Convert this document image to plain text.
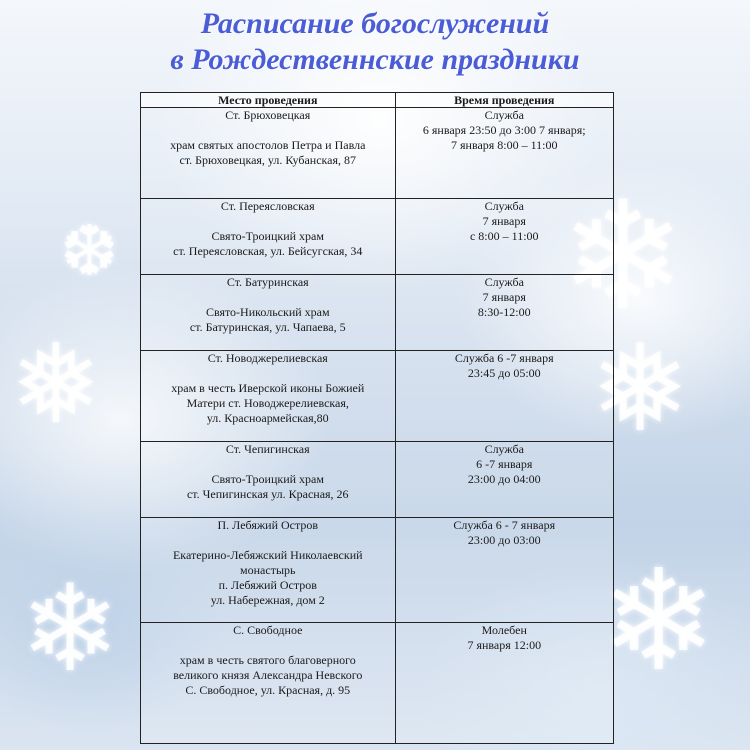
❄
❅
❄
❅
❄
❆
Расписание богослужений
в Рождественнские праздники
Место проведения	Время проведения

Ст. Брюховецкая
храм святых апостолов Петра и Павла
ст. Брюховецкая, ул. Кубанская, 87	Служба
6 января 23:50 до 3:00 7 января;
7 января 8:00 – 11:00

Ст. Переясловская
Свято-Троицкий храм
ст. Переясловская, ул. Бейсугская, 34	Служба
7 января
с 8:00 – 11:00

Ст. Батуринская
Свято-Никольский храм
ст. Батуринская, ул. Чапаева, 5	Служба
7 января
8:30-12:00

Ст. Новоджерелиевская
храм в честь Иверской иконы Божией
Матери ст. Новоджерелиевская,
ул. Красноармейская,80	Служба 6 -7 января
23:45 до 05:00

Ст. Чепигинская
Свято-Троицкий храм
ст. Чепигинская ул. Красная, 26	Служба
6 -7 января
23:00 до 04:00

П. Лебяжий Остров
Екатерино-Лебяжский Николаевский
монастырь
п. Лебяжий Остров
ул. Набережная, дом 2	Служба 6 - 7 января
23:00 до 03:00

С. Свободное
храм в честь святого благоверного
великого князя Александра Невского
С. Свободное, ул. Красная, д. 95	Молебен
7 января 12:00
